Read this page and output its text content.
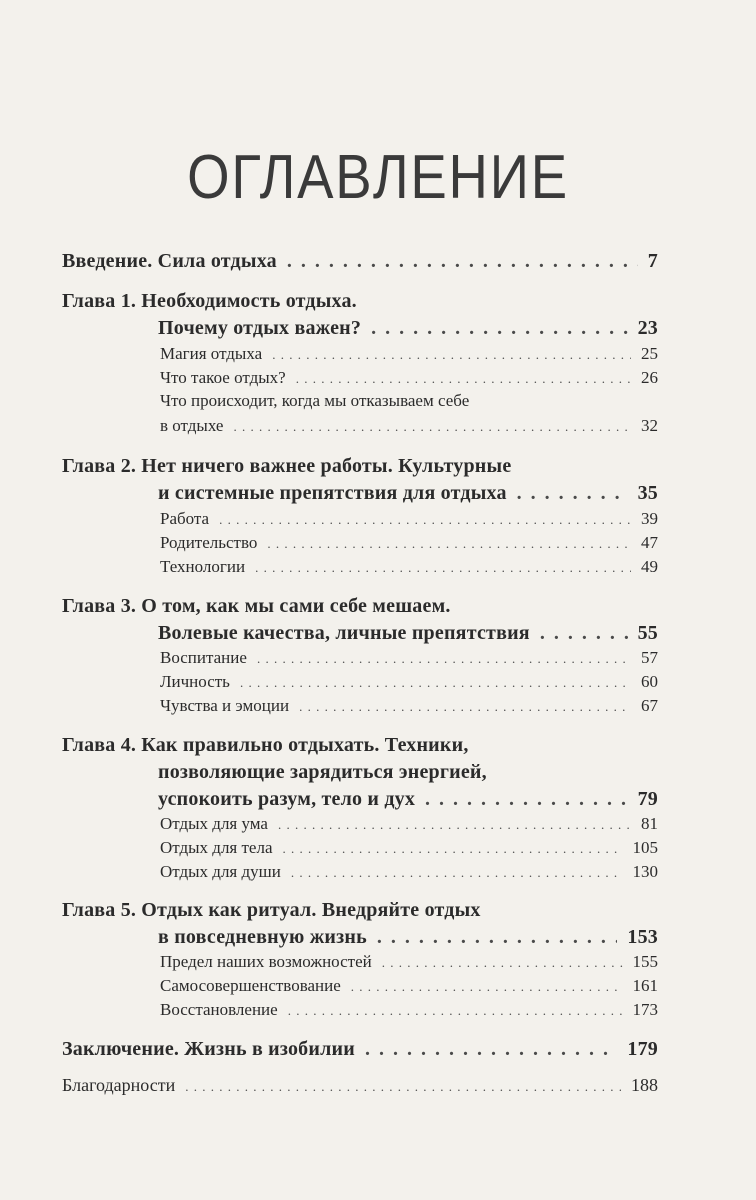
ОГЛАВЛЕНИЕ
Введение. Сила отдыха . . .	7
Глава 1. Необходимость отдыха.
Почему отдых важен? . . .	23
Магия отдыха . . .	25
Что такое отдых? . . .	26
Что происходит, когда мы отказываем себе
в отдыхе . . .	32
Глава 2. Нет ничего важнее работы. Культурные
и системные препятствия для отдыха . . .	35
Работа . . .	39
Родительство . . .	47
Технологии . . .	49
Глава 3. О том, как мы сами себе мешаем.
Волевые качества, личные препятствия . . .	55
Воспитание . . .	57
Личность . . .	60
Чувства и эмоции . . .	67
Глава 4. Как правильно отдыхать. Техники,
позволяющие зарядиться энергией,
успокоить разум, тело и дух . . .	79
Отдых для ума . . .	81
Отдых для тела . . .	105
Отдых для души . . .	130
Глава 5. Отдых как ритуал. Внедряйте отдых
в повседневную жизнь . . .	153
Предел наших возможностей . . .	155
Самосовершенствование . . .	161
Восстановление . . .	173
Заключение. Жизнь в изобилии . . .	179
Благодарности . . .	188
